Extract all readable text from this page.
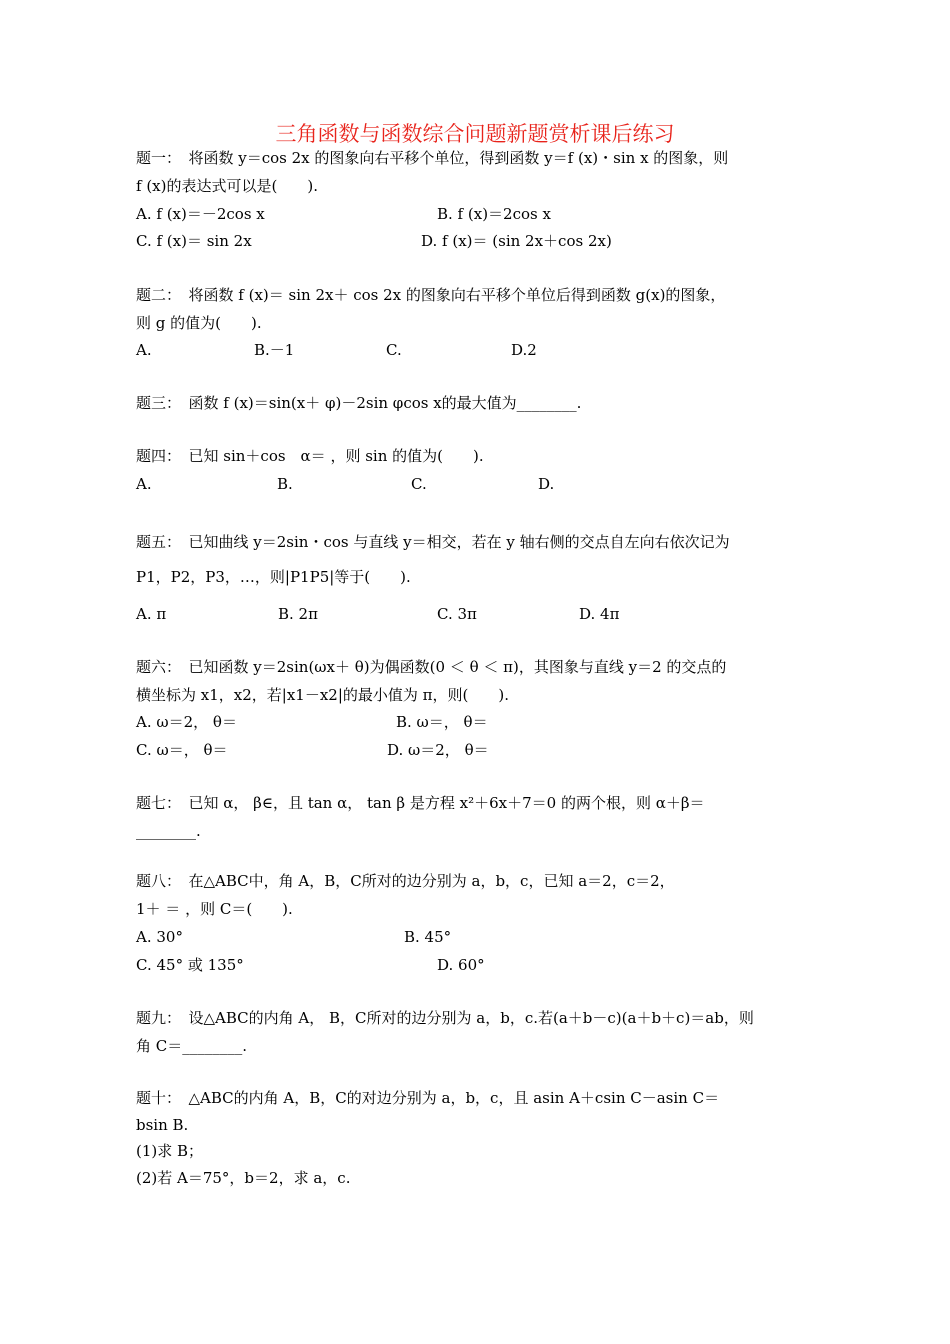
三角函数与函数综合问题新题赏析课后练习
题一：　将函数 y＝cos 2x 的图象向右平移个单位，得到函数 y＝f (x)・sin x 的图象，则
f (x)的表达式可以是(　　).
A. f (x)＝－2cos x	B. f (x)＝2cos x
C. f (x)＝ sin 2x	D. f (x)＝ (sin 2x＋cos 2x)
题二：　将函数 f (x)＝ sin 2x＋ cos 2x 的图象向右平移个单位后得到函数 g(x)的图象，
则 g 的值为(　　).
A.	B.－1	C.	D.2
题三：　函数 f (x)＝sin(x＋ φ)－2sin φcos x的最大值为________.
题四：　已知 sin＋cos　α＝ ，则 sin 的值为(　　).
A.	B.	C.	D.
题五：　已知曲线 y＝2sin・cos 与直线 y＝相交，若在 y 轴右侧的交点自左向右依次记为
P1，P2，P3，…，则|P1P5|等于(　　).
A. π	B. 2π	C. 3π	D. 4π
题六：　已知函数 y＝2sin(ωx＋ θ)为偶函数(0 ＜ θ ＜ π)，其图象与直线 y＝2 的交点的
横坐标为 x1，x2，若|x1－x2|的最小值为 π，则(　　).
A. ω＝2， θ＝	B. ω＝， θ＝
C. ω＝， θ＝	D. ω＝2， θ＝
题七：　已知 α， β∈，且 tan α， tan β 是方程 x²＋6x＋7＝0 的两个根，则 α＋β＝
________.
题八：　在△ABC中，角 A，B，C所对的边分别为 a，b，c，已知 a＝2，c＝2，
1＋ ＝ ，则 C＝(　　).
A. 30°	B. 45°
C. 45° 或 135°	D. 60°
题九：　设△ABC的内角 A， B，C所对的边分别为 a，b，c.若(a＋b－c)(a＋b＋c)＝ab，则
角 C＝________.
题十：　△ABC的内角 A，B，C的对边分别为 a，b，c，且 asin A＋csin C－asin C＝
bsin B.
(1)求 B；
(2)若 A＝75°，b＝2，求 a，c.
